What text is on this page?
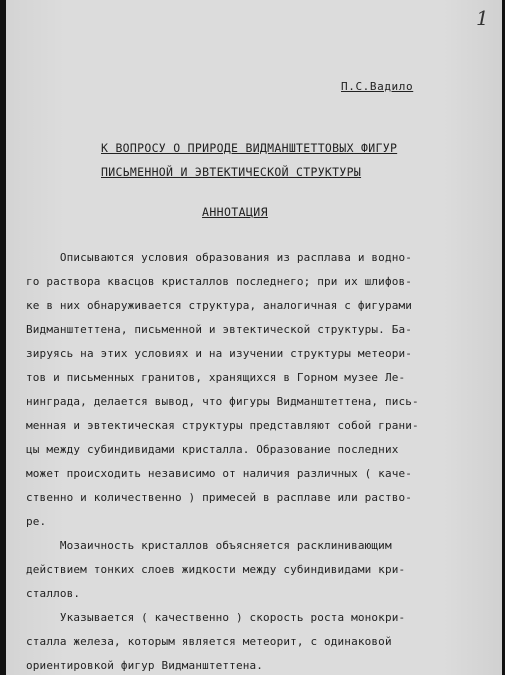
1
П.С.Вадило
К ВОПРОСУ О ПРИРОДЕ ВИДМАНШТЕТТОВЫХ ФИГУР
ПИСЬМЕННОЙ И ЭВТЕКТИЧЕСКОЙ СТРУКТУРЫ
АННОТАЦИЯ
Описываются условия образования из расплава и водно-
го раствора квасцов кристаллов последнего; при их шлифов-
ке в них обнаруживается структура, аналогичная с фигурами
Видманштеттена, письменной и эвтектической структуры. Ба-
зируясь на этих условиях и на изучении структуры метеори-
тов и письменных гранитов, хранящихся в Горном музее Ле-
нинграда, делается вывод, что фигуры Видманштеттена, пись-
менная и эвтектическая структуры представляют собой грани-
цы между субиндивидами кристалла. Образование последних
может происходить независимо от наличия различных ( каче-
ственно и количественно ) примесей в расплаве или раство-
ре.
Мозаичность кристаллов объясняется расклинивающим
действием тонких слоев жидкости между субиндивидами кри-
сталлов.
Указывается ( качественно ) скорость роста монокри-
сталла железа, которым является метеорит, с одинаковой
ориентировкой фигур Видманштеттена.
